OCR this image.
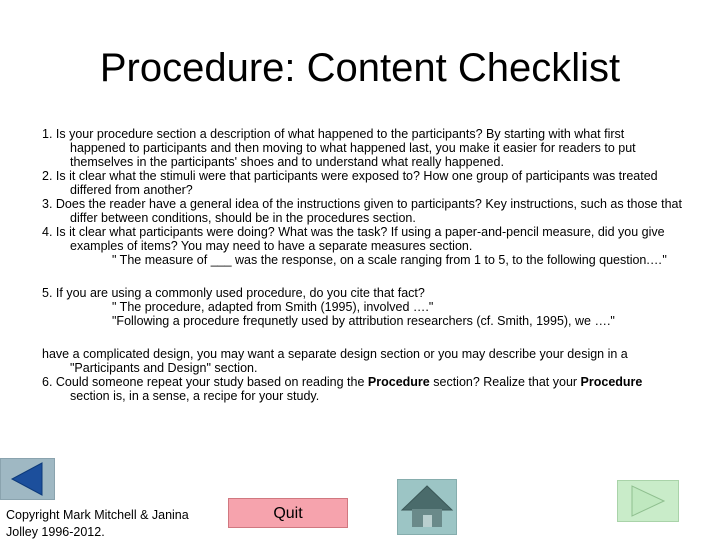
Procedure: Content Checklist

1. Is your procedure section a description of what happened to the participants? By starting with what first happened to participants and then moving to what happened last, you make it easier for readers to put themselves in the participants' shoes and to understand what really happened.

2. Is it clear what the stimuli were that participants were exposed to? How one group of participants was treated differed from another?

3. Does the reader have a general idea of the instructions given to participants? Key instructions, such as those that differ between conditions, should be in the procedures section.

4. Is it clear what participants were doing? What was the task? If using a paper-and-pencil measure, did you give examples of items? You may need to have a separate measures section.
" The measure of ___ was the response, on a scale ranging from 1 to 5, to the following question.…"

5. If you are using a commonly used procedure, do you cite that fact?
" The procedure, adapted from Smith (1995), involved …."
"Following a procedure frequnetly used by attribution researchers (cf. Smith, 1995), we …."

have a complicated design, you may want a separate design section or you may describe your design in a "Participants and Design" section.

6. Could someone repeat your study based on reading the Procedure section? Realize that your Procedure section is, in a sense, a recipe for your study.

Copyright Mark Mitchell & Janina Jolley 1996-2012.
Quit
